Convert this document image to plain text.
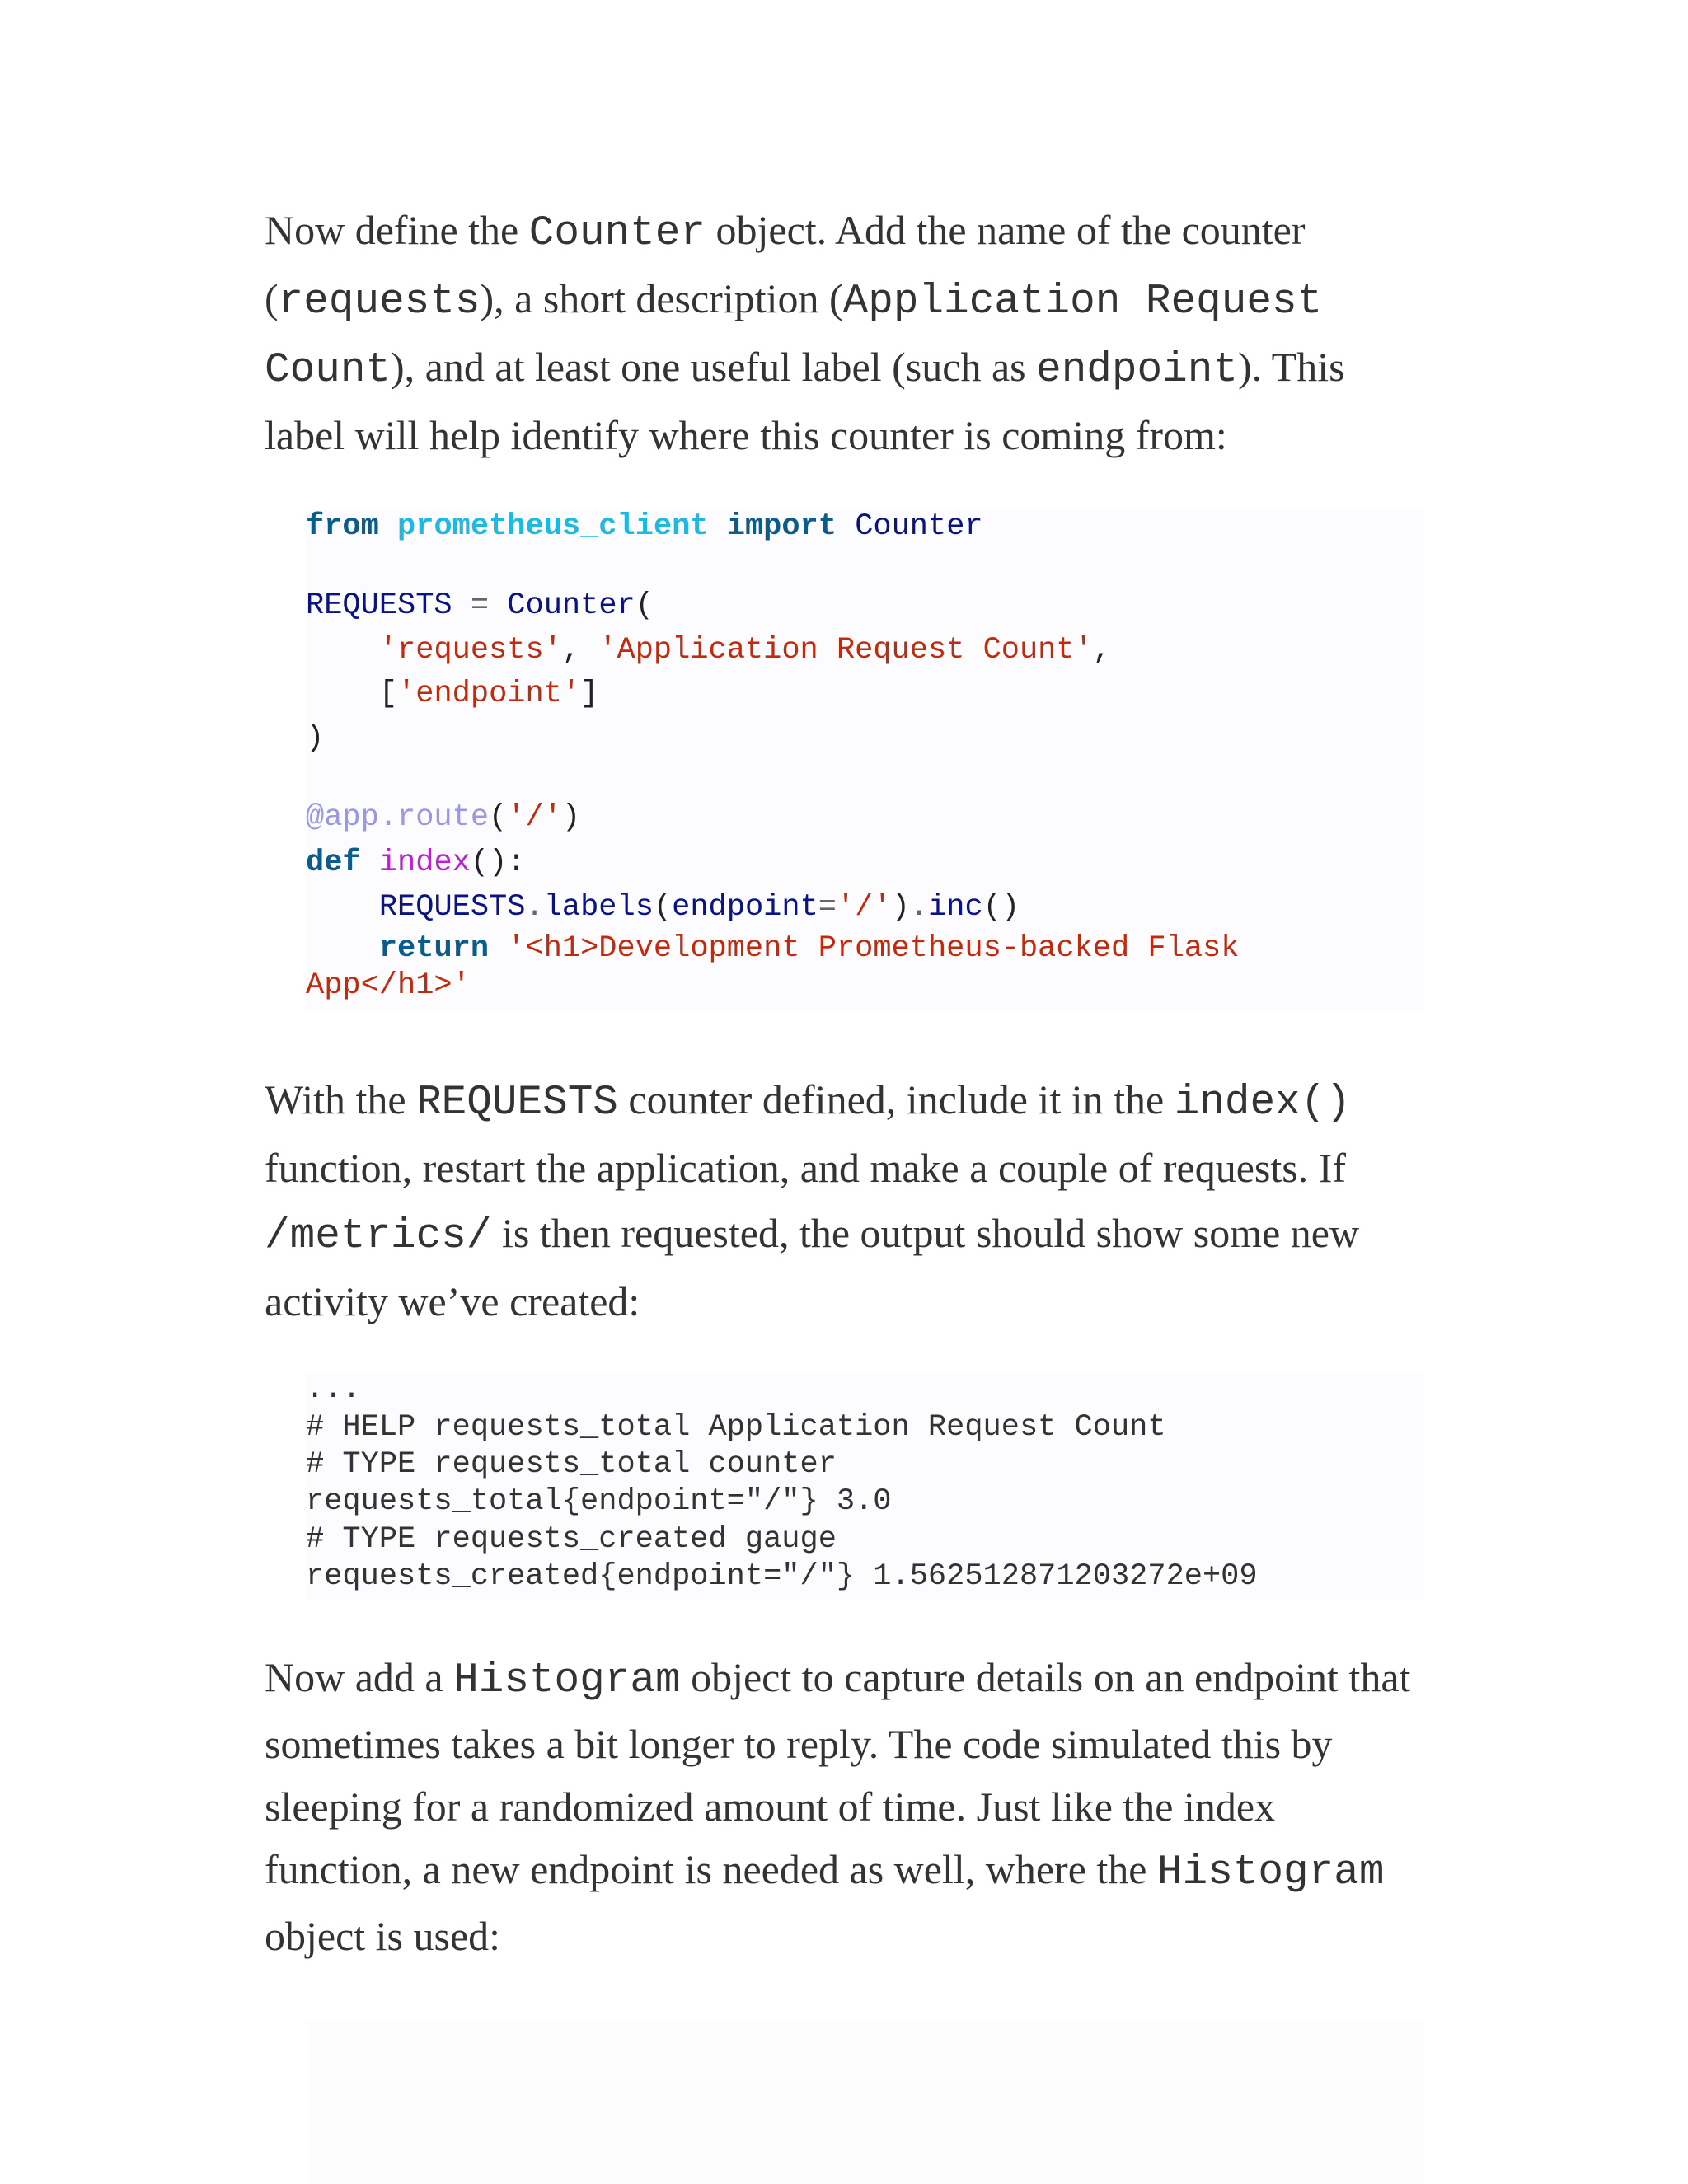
Now define the Counter object. Add the name of the counter
(requests), a short description (Application Request
Count), and at least one useful label (such as endpoint). This
label will help identify where this counter is coming from:

from prometheus_client import Counter

REQUESTS = Counter(

'requests', 'Application Request Count',

['endpoint']

)

@app.route('/')

def index():

REQUESTS.labels(endpoint='/').inc()

return '<h1>Development Prometheus-backed Flask

App</h1>'

With the REQUESTS counter defined, include it in the index()
function, restart the application, and make a couple of requests. If
/metrics/ is then requested, the output should show some new
activity we’ve created:

...

# HELP requests_total Application Request Count

# TYPE requests_total counter

requests_total{endpoint="/"} 3.0

# TYPE requests_created gauge

requests_created{endpoint="/"} 1.562512871203272e+09

Now add a Histogram object to capture details on an endpoint that
sometimes takes a bit longer to reply. The code simulated this by
sleeping for a randomized amount of time. Just like the index
function, a new endpoint is needed as well, where the Histogram
object is used:
